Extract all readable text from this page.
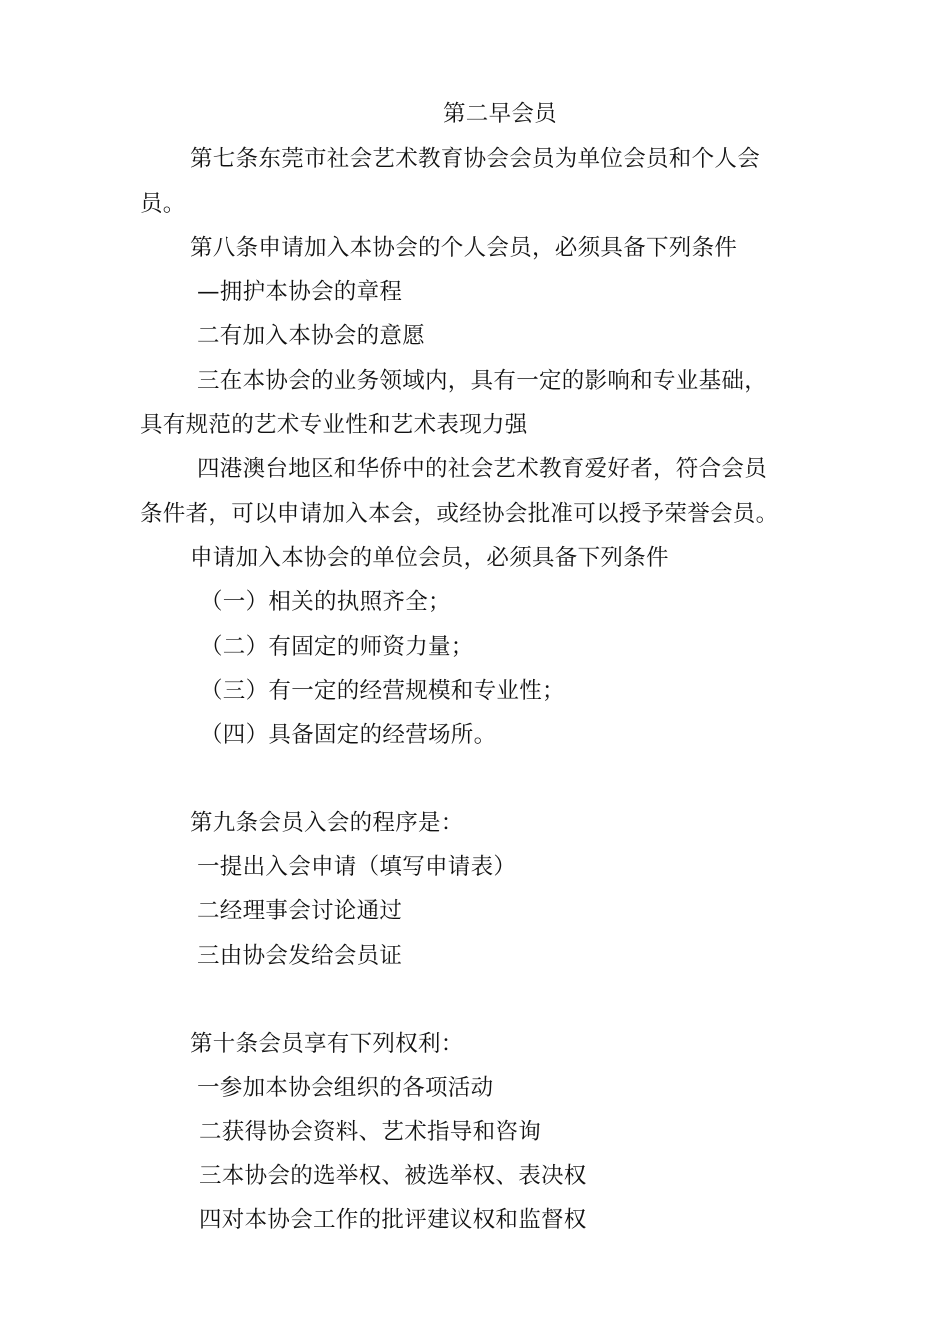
第二早会员
第七条东莞市社会艺术教育协会会员为单位会员和个人会
员。
第八条申请加入本协会的个人会员，必须具备下列条件
—拥护本协会的章程
二有加入本协会的意愿
三在本协会的业务领域内，具有一定的影响和专业基础，
具有规范的艺术专业性和艺术表现力强
四港澳台地区和华侨中的社会艺术教育爱好者，符合会员
条件者，可以申请加入本会，或经协会批准可以授予荣誉会员。
申请加入本协会的单位会员，必须具备下列条件
（一）相关的执照齐全；
（二）有固定的师资力量；
（三）有一定的经营规模和专业性；
（四）具备固定的经营场所。
第九条会员入会的程序是：
一提出入会申请（填写申请表）
二经理事会讨论通过
三由协会发给会员证
第十条会员享有下列权利：
一参加本协会组织的各项活动
二获得协会资料、艺术指导和咨询
三本协会的选举权、被选举权、表决权
四对本协会工作的批评建议权和监督权
